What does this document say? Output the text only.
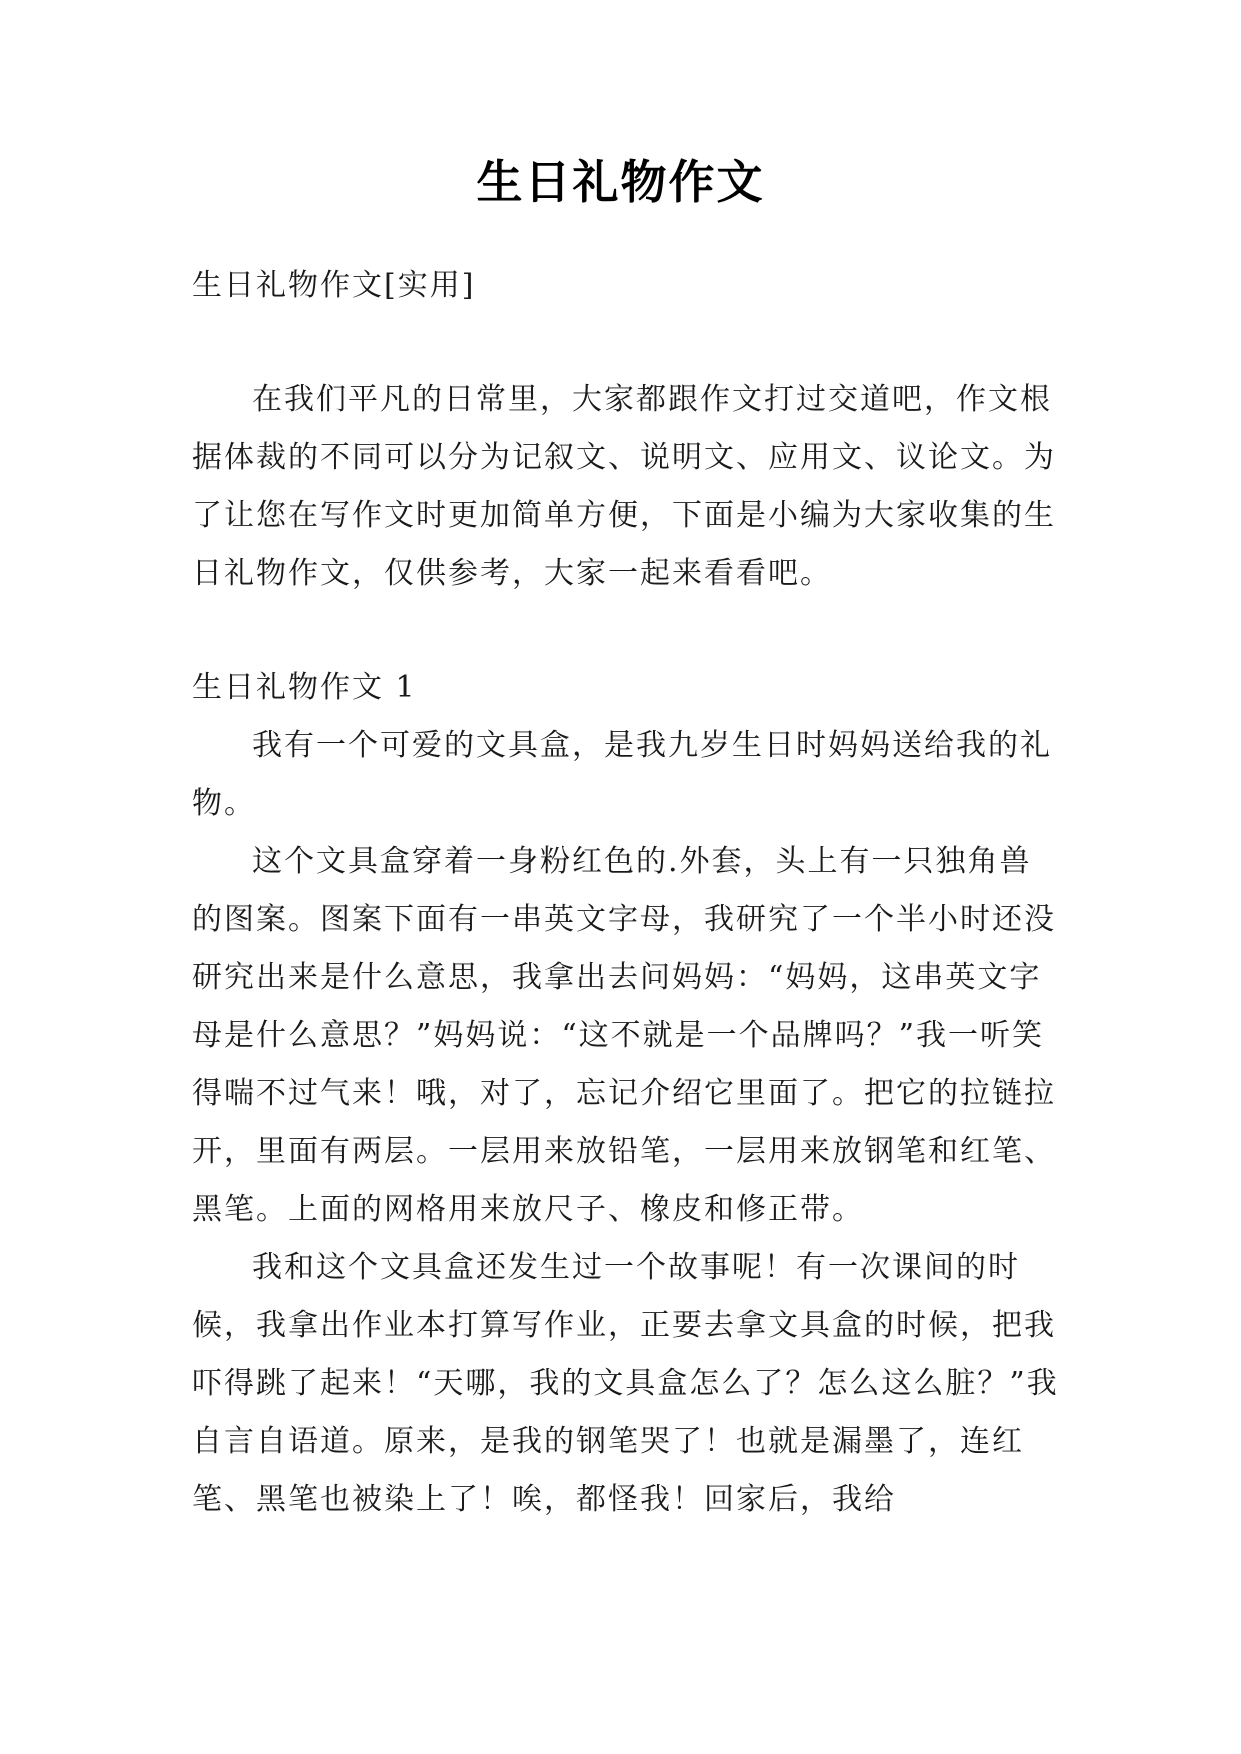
生日礼物作文

生日礼物作文[实用]

在我们平凡的日常里，大家都跟作文打过交道吧，作文根据体裁的不同可以分为记叙文、说明文、应用文、议论文。为了让您在写作文时更加简单方便，下面是小编为大家收集的生日礼物作文，仅供参考，大家一起来看看吧。

生日礼物作文 1

我有一个可爱的文具盒，是我九岁生日时妈妈送给我的礼物。

这个文具盒穿着一身粉红色的.外套，头上有一只独角兽的图案。图案下面有一串英文字母，我研究了一个半小时还没研究出来是什么意思，我拿出去问妈妈：“妈妈，这串英文字母是什么意思？”妈妈说：“这不就是一个品牌吗？”我一听笑得喘不过气来！哦，对了，忘记介绍它里面了。把它的拉链拉开，里面有两层。一层用来放铅笔，一层用来放钢笔和红笔、黑笔。上面的网格用来放尺子、橡皮和修正带。

我和这个文具盒还发生过一个故事呢！有一次课间的时候，我拿出作业本打算写作业，正要去拿文具盒的时候，把我吓得跳了起来！“天哪，我的文具盒怎么了？怎么这么脏？”我自言自语道。原来，是我的钢笔哭了！也就是漏墨了，连红笔、黑笔也被染上了！唉，都怪我！回家后，我给
